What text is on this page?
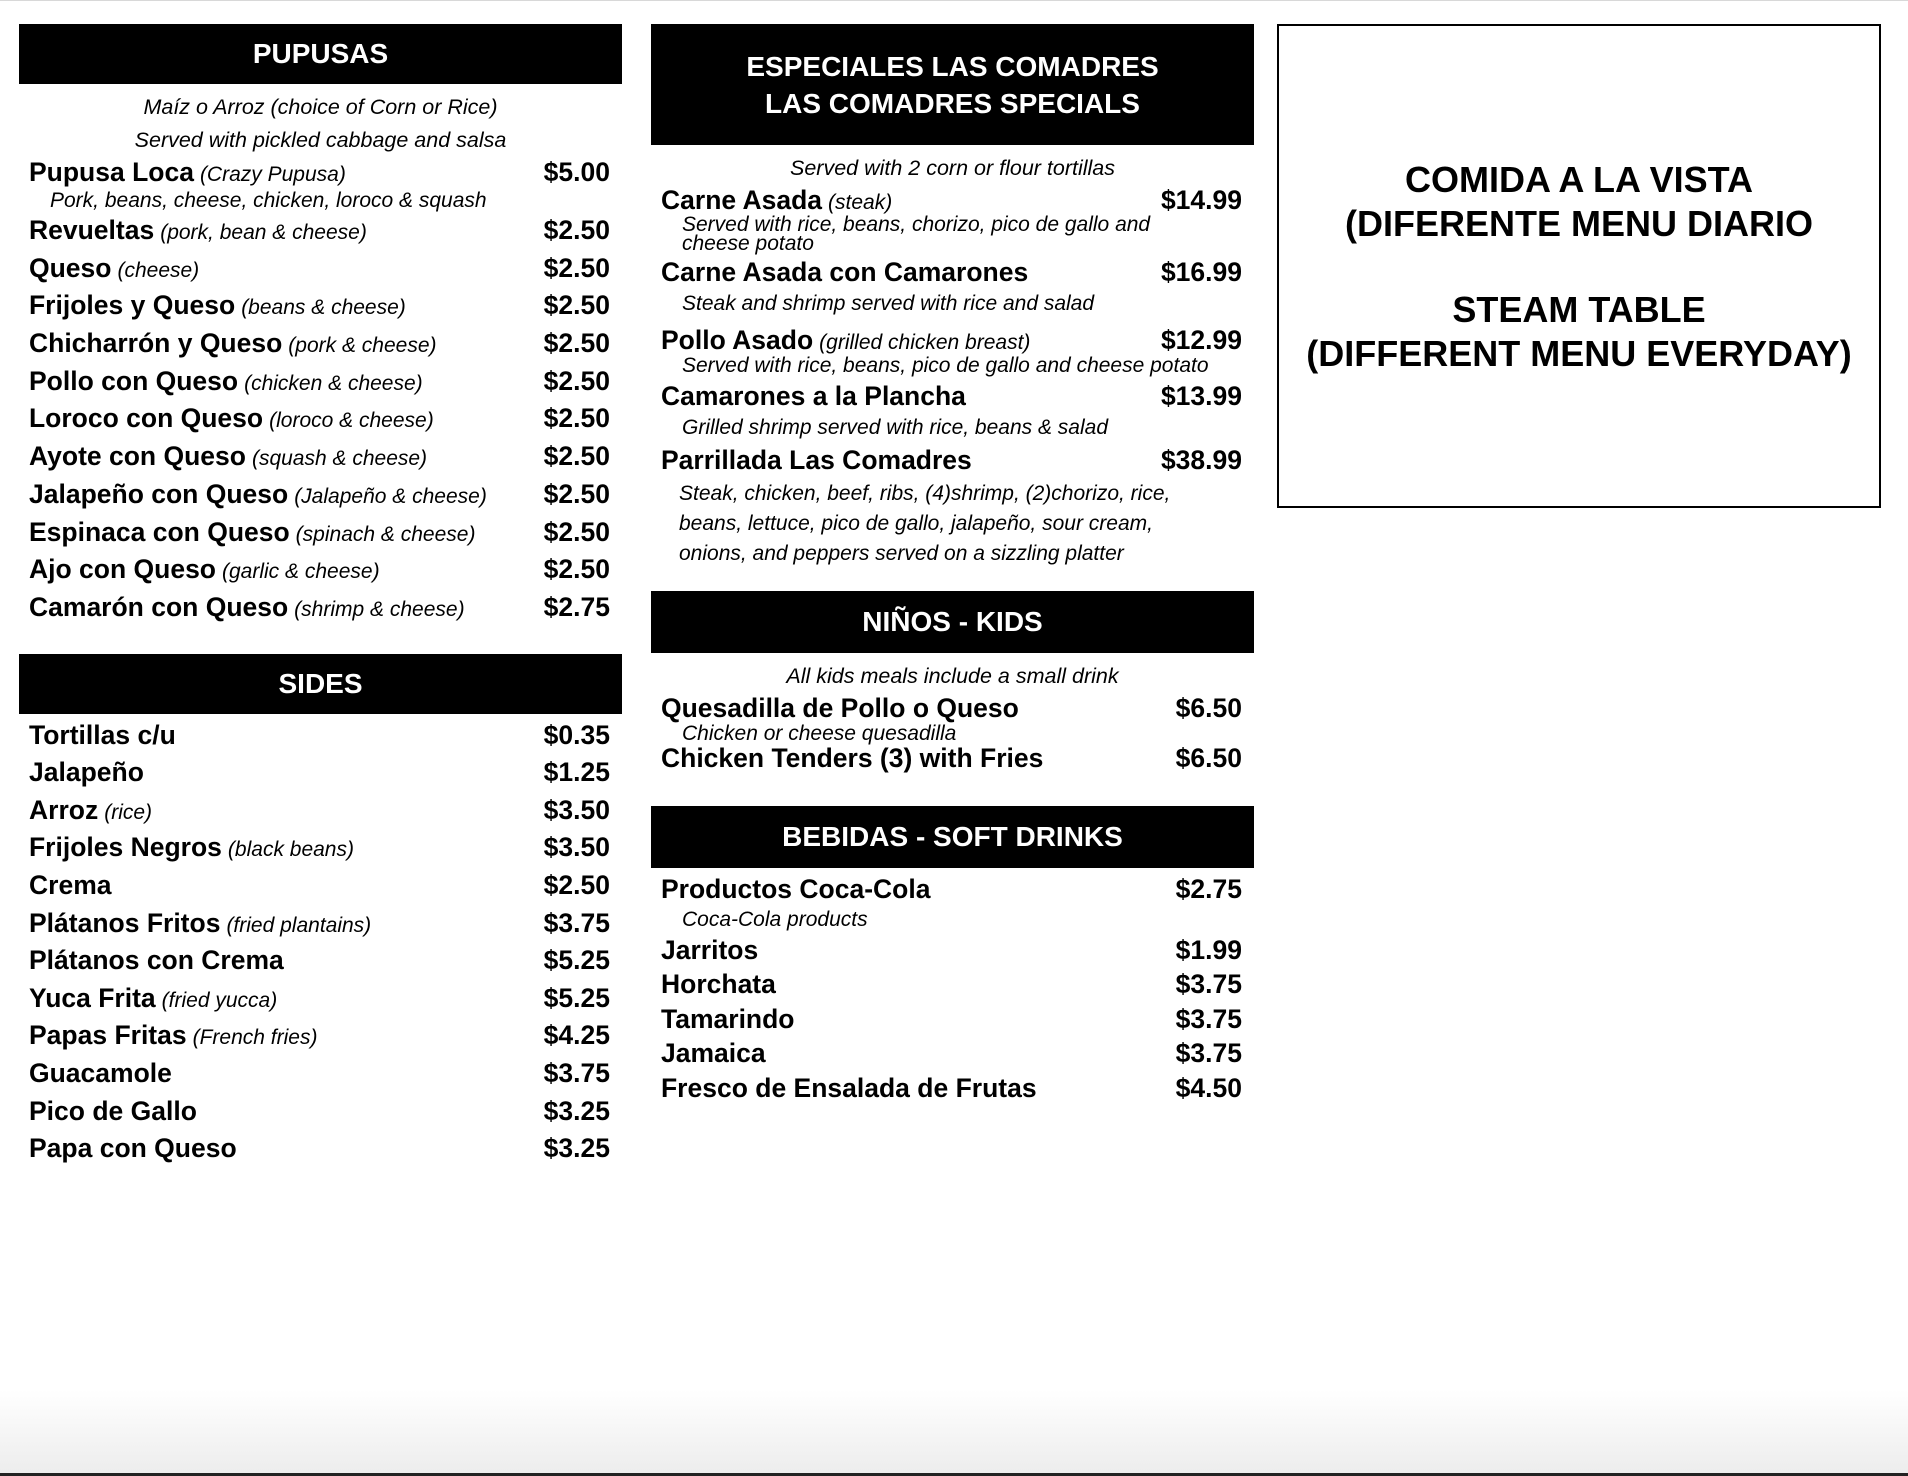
PUPUSAS
Maíz o Arroz (choice of Corn or Rice)
Served with pickled cabbage and salsa
Pupusa Loca (Crazy Pupusa)	$5.00
Pork, beans, cheese, chicken, loroco & squash
Revueltas (pork, bean & cheese)	$2.50
Queso (cheese)	$2.50
Frijoles y Queso (beans & cheese)	$2.50
Chicharrón y Queso (pork & cheese)	$2.50
Pollo con Queso (chicken & cheese)	$2.50
Loroco con Queso (loroco & cheese)	$2.50
Ayote con Queso (squash & cheese)	$2.50
Jalapeño con Queso (Jalapeño & cheese) $2.50
Espinaca con Queso (spinach & cheese)	$2.50
Ajo con Queso (garlic & cheese)	$2.50
Camarón con Queso (shrimp & cheese)	$2.75
SIDES
Tortillas c/u	$0.35
Jalapeño	$1.25
Arroz (rice)	$3.50
Frijoles Negros (black beans)	$3.50
Crema	$2.50
Plátanos Fritos (fried plantains)	$3.75
Plátanos con Crema	$5.25
Yuca Frita (fried yucca)	$5.25
Papas Fritas (French fries)	$4.25
Guacamole	$3.75
Pico de Gallo	$3.25
Papa con Queso	$3.25
ESPECIALES LAS COMADRES
LAS COMADRES SPECIALS
Served with 2 corn or flour tortillas
Carne Asada (steak)	$14.99
Served with rice, beans, chorizo, pico de gallo and cheese potato
Carne Asada con Camarones	$16.99
Steak and shrimp served with rice and salad
Pollo Asado (grilled chicken breast)	$12.99
Served with rice, beans, pico de gallo and cheese potato
Camarones a la Plancha	$13.99
Grilled shrimp served with rice, beans & salad
Parrillada Las Comadres	$38.99
Steak, chicken, beef, ribs, (4)shrimp, (2)chorizo, rice, beans, lettuce, pico de gallo, jalapeño, sour cream, onions, and peppers served on a sizzling platter
NIÑOS - KIDS
All kids meals include a small drink
Quesadilla de Pollo o Queso	$6.50
Chicken or cheese quesadilla
Chicken Tenders (3) with Fries	$6.50
BEBIDAS - SOFT DRINKS
Productos Coca-Cola	$2.75
Coca-Cola products
Jarritos	$1.99
Horchata	$3.75
Tamarindo	$3.75
Jamaica	$3.75
Fresco de Ensalada de Frutas	$4.50
COMIDA A LA VISTA
(DIFERENTE MENU DIARIO
STEAM TABLE
(DIFFERENT MENU EVERYDAY)
